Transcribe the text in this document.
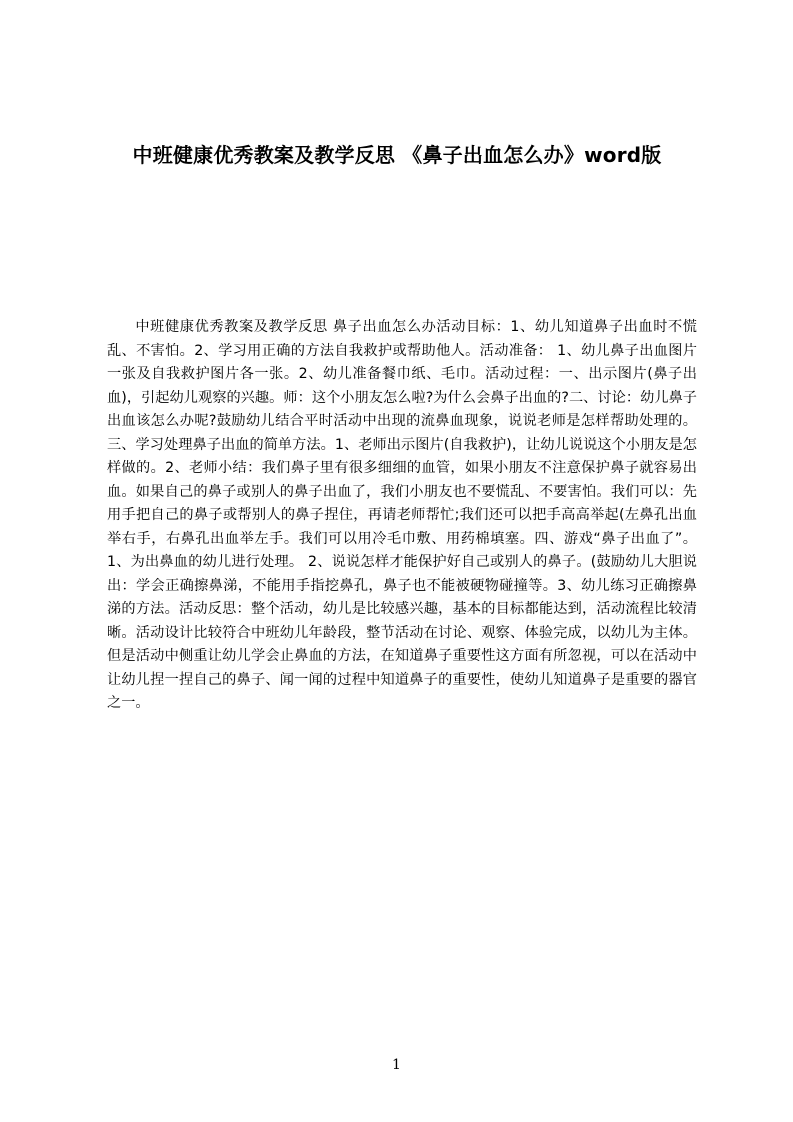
中班健康优秀教案及教学反思 《鼻子出血怎么办》word版

中班健康优秀教案及教学反思 鼻子出血怎么办活动目标：1、幼儿知道鼻子出血时不慌乱、不害怕。2、学习用正确的方法自我救护或帮助他人。活动准备： 1、幼儿鼻子出血图片一张及自我救护图片各一张。2、幼儿准备餐巾纸、毛巾。活动过程：一、出示图片(鼻子出血)，引起幼儿观察的兴趣。师：这个小朋友怎么啦?为什么会鼻子出血的?二、讨论：幼儿鼻子出血该怎么办呢?鼓励幼儿结合平时活动中出现的流鼻血现象，说说老师是怎样帮助处理的。三、学习处理鼻子出血的简单方法。1、老师出示图片(自我救护)，让幼儿说说这个小朋友是怎样做的。2、老师小结：我们鼻子里有很多细细的血管，如果小朋友不注意保护鼻子就容易出血。如果自己的鼻子或别人的鼻子出血了，我们小朋友也不要慌乱、不要害怕。我们可以：先用手把自己的鼻子或帮别人的鼻子捏住，再请老师帮忙;我们还可以把手高高举起(左鼻孔出血举右手，右鼻孔出血举左手。我们可以用冷毛巾敷、用药棉填塞。四、游戏“鼻子出血了”。1、为出鼻血的幼儿进行处理。 2、说说怎样才能保护好自己或别人的鼻子。(鼓励幼儿大胆说出：学会正确擦鼻涕，不能用手指挖鼻孔，鼻子也不能被硬物碰撞等。3、幼儿练习正确擦鼻涕的方法。活动反思：整个活动，幼儿是比较感兴趣，基本的目标都能达到，活动流程比较清晰。活动设计比较符合中班幼儿年龄段，整节活动在讨论、观察、体验完成，以幼儿为主体。但是活动中侧重让幼儿学会止鼻血的方法，在知道鼻子重要性这方面有所忽视，可以在活动中让幼儿捏一捏自己的鼻子、闻一闻的过程中知道鼻子的重要性，使幼儿知道鼻子是重要的器官之一。

1
